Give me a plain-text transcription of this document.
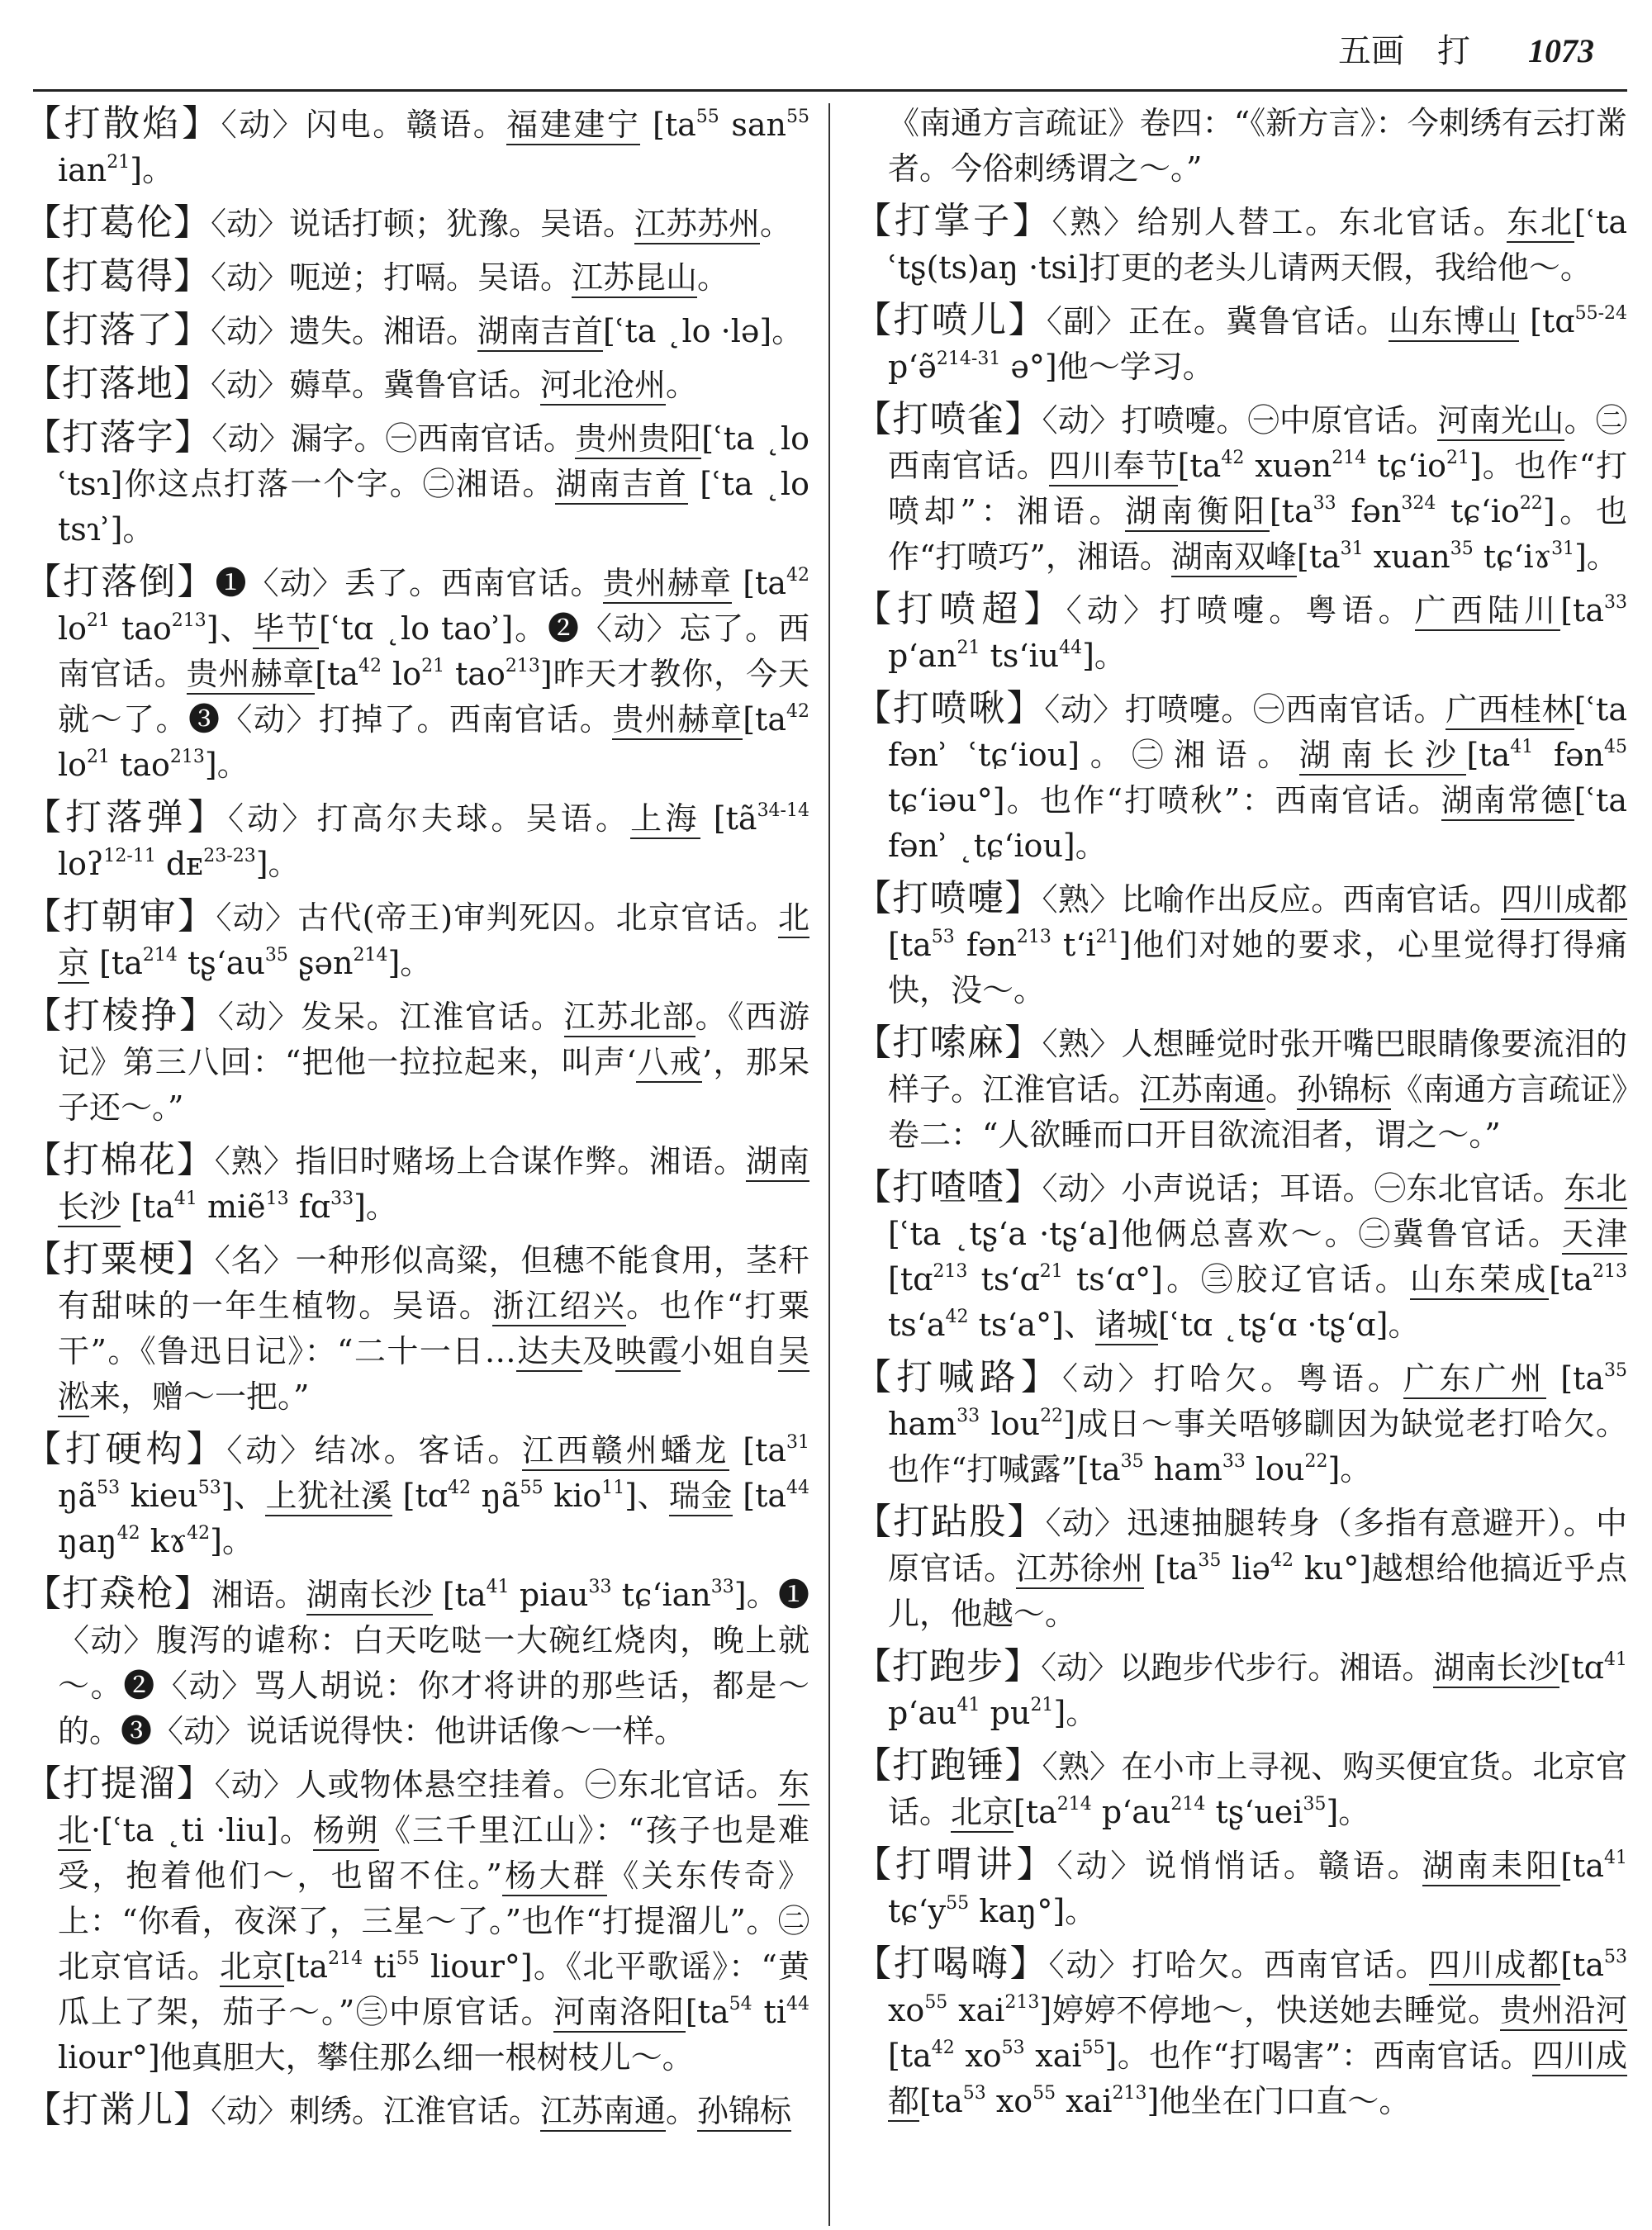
五画 打 1073
【打散焰】〈动〉闪电。赣语。福建建宁 [$ta^{55}$ san$^{55}$ ian$^{21}$]。
【打葛伦】〈动〉说话打顿；犹豫。吴语。江苏苏州。
【打葛得】〈动〉呃逆；打嗝。吴语。江苏昆山。
【打落了】〈动〉遗失。湘语。湖南吉首[ʿta ˛lo ·lə]。
【打落地】〈动〉薅草。冀鲁官话。河北沧州。
【打落字】〈动〉漏字。㊀西南官话。贵州贵阳[ʿta ˛lo ʿtsɿ]你这点打落一个字。㊁湘语。湖南吉首 [ʿta ˛lo tsɿʾ]。
【打落倒】❶〈动〉丢了。西南官话。贵州赫章 [$ta^{42}$ $lo^{21}$ tao$^{213}$]、毕节[ʿtɑ ˛lo taoʾ]。❷〈动〉忘了。西南官话。贵州赫章[$ta^{42}$ $lo^{21}$ tao$^{213}$]昨天才教你，今天就～了。❸〈动〉打掉了。西南官话。贵州赫章[$ta^{42}$ $lo^{21}$ tao$^{213}$]。
【打落弹】〈动〉打高尔夫球。吴语。上海 [$tã^{34-14}$ loʔ$^{12-11}$ dᴇ$^{23-23}$]。
【打朝审】〈动〉古代(帝王)审判死囚。北京官话。北京 [$ta^{214}$ tʂʻau$^{35}$ ʂən$^{214}$]。
【打棱挣】〈动〉发呆。江淮官话。江苏北部。《西游记》第三八回：“把他一拉拉起来，叫声‘八戒’，那呆子还～。”
【打棉花】〈熟〉指旧时赌场上合谋作弊。湘语。湖南长沙 [$ta^{41}$ miẽ$^{13}$ fɑ$^{33}$]。
【打粟梗】〈名〉一种形似高粱，但穗不能食用，茎秆有甜味的一年生植物。吴语。浙江绍兴。也作“打粟干”。《鲁迅日记》：“二十一日…达夫及映霞小姐自吴淞来，赠～一把。”
【打硬构】〈动〉结冰。客话。江西赣州蟠龙 [$ta^{31}$ $ŋã^{53}$ kieu$^{53}$]、上犹社溪 [tɑ$^{42}$ $ŋã^{55}$ kio$^{11}$]、瑞金 [$ta^{44}$ ŋaŋ$^{42}$ kɤ$^{42}$]。
【打猋枪】湘语。湖南长沙 [$ta^{41}$ piau$^{33}$ tɕʻian$^{33}$]。❶〈动〉腹泻的谑称：白天吃哒一大碗红烧肉，晚上就～。❷〈动〉骂人胡说：你才将讲的那些话，都是～的。❸〈动〉说话说得快：他讲话像～一样。
【打提溜】〈动〉人或物体悬空挂着。㊀东北官话。东北·[ʿta ˛ti ·liu]。杨朔《三千里江山》：“孩子也是难受，抱着他们～，也留不住。”杨大群《关东传奇》上：“你看，夜深了，三星～了。”也作“打提溜儿”。㊁北京官话。北京[$ta^{214}$ $ti^{55}$ liour°]。《北平歌谣》：“黄瓜上了架，茄子～。”㊂中原官话。河南洛阳[$ta^{54}$ $ti^{44}$ liour°]他真胆大，攀住那么细一根树枝儿～。
【打黹儿】〈动〉刺绣。江淮官话。江苏南通。孙锦标
《南通方言疏证》卷四：“《新方言》：今刺绣有云打黹者。今俗刺绣谓之～。”
【打掌子】〈熟〉给别人替工。东北官话。东北[ʿta ʿtʂ(ts)aŋ ·tsi]打更的老头儿请两天假，我给他～。
【打喷儿】〈副〉正在。冀鲁官话。山东博山 [tɑ$^{55-24}$ pʻə̃$^{214-31}$ ə°]他～学习。
【打喷雀】〈动〉打喷嚏。㊀中原官话。河南光山。㊁西南官话。四川奉节[$ta^{42}$ xuən$^{214}$ tɕʻio$^{21}$]。也作“打喷却”：湘语。湖南衡阳[$ta^{33}$ fən$^{324}$ tɕʻio$^{22}$]。也作“打喷巧”，湘语。湖南双峰[$ta^{31}$ xuan$^{35}$ tɕʻiɤ$^{31}$]。
【打喷超】〈动〉打喷嚏。粤语。广西陆川[$ta^{33}$ pʻan$^{21}$ tsʻiu$^{44}$]。
【打喷啾】〈动〉打喷嚏。㊀西南官话。广西桂林[ʿta fənʾ ʿtɕʻiou]。㊁湘语。湖南长沙[$ta^{41}$ fən$^{45}$ tɕʻiəu°]。也作“打喷秋”：西南官话。湖南常德[ʿta fənʾ ˛tɕʻiou]。
【打喷嚏】〈熟〉比喻作出反应。西南官话。四川成都[$ta^{53}$ fən$^{213}$ tʻi$^{21}$]他们对她的要求，心里觉得打得痛快，没～。
【打嗦麻】〈熟〉人想睡觉时张开嘴巴眼睛像要流泪的样子。江淮官话。江苏南通。孙锦标《南通方言疏证》卷二：“人欲睡而口开目欲流泪者，谓之～。”
【打喳喳】〈动〉小声说话；耳语。㊀东北官话。东北[ʿta ˛tʂʻa ·tʂʻa]他俩总喜欢～。㊁冀鲁官话。天津[tɑ$^{213}$ tsʻɑ$^{21}$ tsʻɑ°]。㊂胶辽官话。山东荣成[$ta^{213}$ tsʻa$^{42}$ tsʻa°]、诸城[ʿtɑ ˛tʂʻɑ ·tʂʻɑ]。
【打喊路】〈动〉打哈欠。粤语。广东广州 [$ta^{35}$ ham$^{33}$ lou$^{22}$]成日～事关唔够瞓因为缺觉老打哈欠。也作“打喊露$”[ta^{35}$ ham$^{33}$ lou$^{22}$]。
【打跕股】〈动〉迅速抽腿转身（多指有意避开）。中原官话。江苏徐州 [$ta^{35}$ liə$^{42}$ ku°]越想给他搞近乎点儿，他越～。
【打跑步】〈动〉以跑步代步行。湘语。湖南长沙[tɑ$^{41}$ pʻau$^{41}$ $pu^{21}$]。
【打跑锤】〈熟〉在小市上寻视、购买便宜货。北京官话。北京[$ta^{214}$ pʻau$^{214}$ tʂʻuei$^{35}$]。
【打喟讲】〈动〉说悄悄话。赣语。湖南耒阳[$ta^{41}$ tɕʻy$^{55}$ kaŋ°]。
【打喝嗨】〈动〉打哈欠。西南官话。四川成都[$ta^{53}$ $xo^{55}$ xai$^{213}$]婷婷不停地～，快送她去睡觉。贵州沿河[$ta^{42}$ $xo^{53}$ xai$^{55}$]。也作“打喝害”：西南官话。四川成都[$ta^{53}$ $xo^{55}$ xai$^{213}$]他坐在门口直～。
